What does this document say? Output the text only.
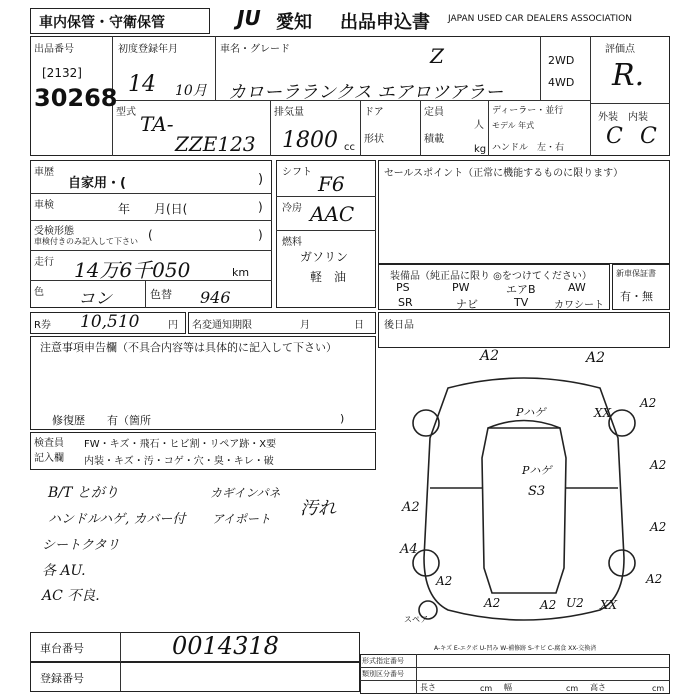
車内保管・守衛保管	JU 愛知 出品申込書 JAPAN USED CAR DEALERS ASSOCIATION
出品番号
[2132]
30268
初度登録年月
14 10月
車名・グレード	Z
カローラランクス エアロツアラー
2WD
4WD
評価点
R.
外装　内装
C C
型式 TA-
ZZE123
排気量
1800 cc
ドア
形状
定員
人
積載
kg
ディーラー・並行
モデル 年式
ハンドル　左・右
車歴
自家用・(	)
車検	年　　月(日(	)
受検形態
車検付きのみ記入して下さい (	)
走行 14万6千050	km
色 コン	色替 946
シフト F6
冷房 AAC
燃料
ガソリン
軽　油
セールスポイント（正常に機能するものに限ります）
装備品（純正品に限り ◎をつけてください）
PS	PW	エアB	AW
SR	ナビ	TV	カワシート
新車保証書
有・無
R券 10,510	円 名変通知期限	月	日 後日品
注意事項申告欄（不具合内容等は具体的に記入して下さい）
修復歴　　有（箇所	)
検査員 記入欄
FW・キズ・飛石・ヒビ割・リペア跡・X要
内装・キズ・汚・コゲ・穴・臭・キレ・破
B/T とがり
ハンドルハゲ, カバー付
シートクタリ
各 AU.
AC 不良.
カギインパネ
アイポート 汚れ
車台番号	0014318
登録番号
A2	A2
A2
XX
A2
Pハゲ
Pハゲ
S3
A2
A4
A2
A2
A2
A2
U2 XX
A2
スペア
A-キズ E-エクボ U-凹み W-補修跡 S-サビ C-腐食 XX-交換済
形式指定番号
類別区分番号
長さ	cm 幅	cm 高さ	cm
